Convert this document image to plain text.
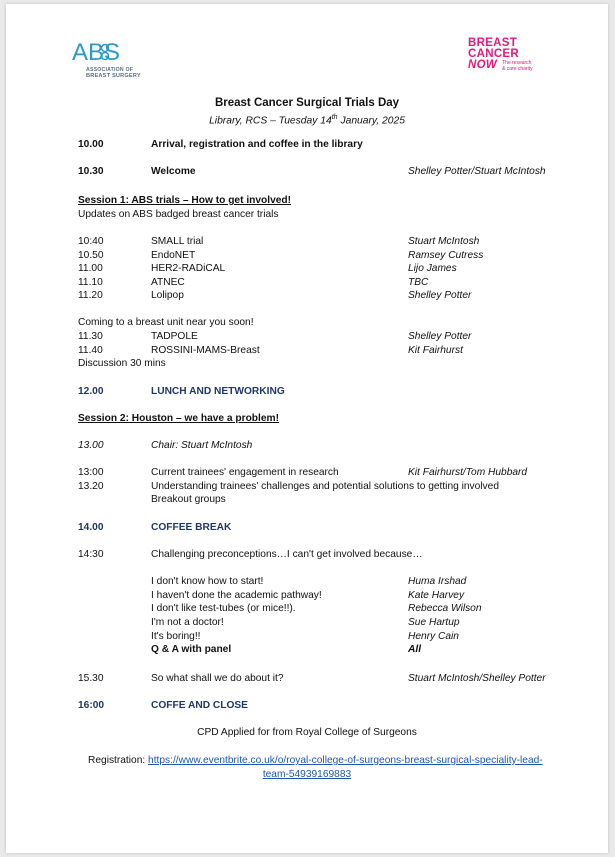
ABS
ASSOCIATION OF
BREAST SURGERY
BREAST
CANCER
NOW The research
& care charity
Breast Cancer Surgical Trials Day
Library, RCS – Tuesday 14th January, 2025
10.00	Arrival, registration and coffee in the library
10.30	Welcome	Shelley Potter/Stuart McIntosh
Session 1: ABS trials – How to get involved!
Updates on ABS badged breast cancer trials
10:40	SMALL trial	Stuart McIntosh
10.50	EndoNET	Ramsey Cutress
11.00	HER2-RADiCAL	Lijo James
11.10	ATNEC	TBC
11.20	Lolipop	Shelley Potter
Coming to a breast unit near you soon!
11.30	TADPOLE	Shelley Potter
11.40	ROSSINI-MAMS-Breast	Kit Fairhurst
Discussion 30 mins
12.00	LUNCH AND NETWORKING
Session 2: Houston – we have a problem!
13.00	Chair: Stuart McIntosh
13:00	Current trainees' engagement in research	Kit Fairhurst/Tom Hubbard
13.20	Understanding trainees' challenges and potential solutions to getting involved
Breakout groups
14.00	COFFEE BREAK
14:30	Challenging preconceptions…I can't get involved because…
I don't know how to start!	Huma Irshad
I haven't done the academic pathway!	Kate Harvey
I don't like test-tubes (or mice!!).	Rebecca Wilson
I'm not a doctor!	Sue Hartup
It's boring!!	Henry Cain
Q & A with panel	All
15.30	So what shall we do about it?	Stuart McIntosh/Shelley Potter
16:00	COFFE AND CLOSE
CPD Applied for from Royal College of Surgeons
Registration: https://www.eventbrite.co.uk/o/royal-college-of-surgeons-breast-surgical-speciality-lead-
team-54939169883
